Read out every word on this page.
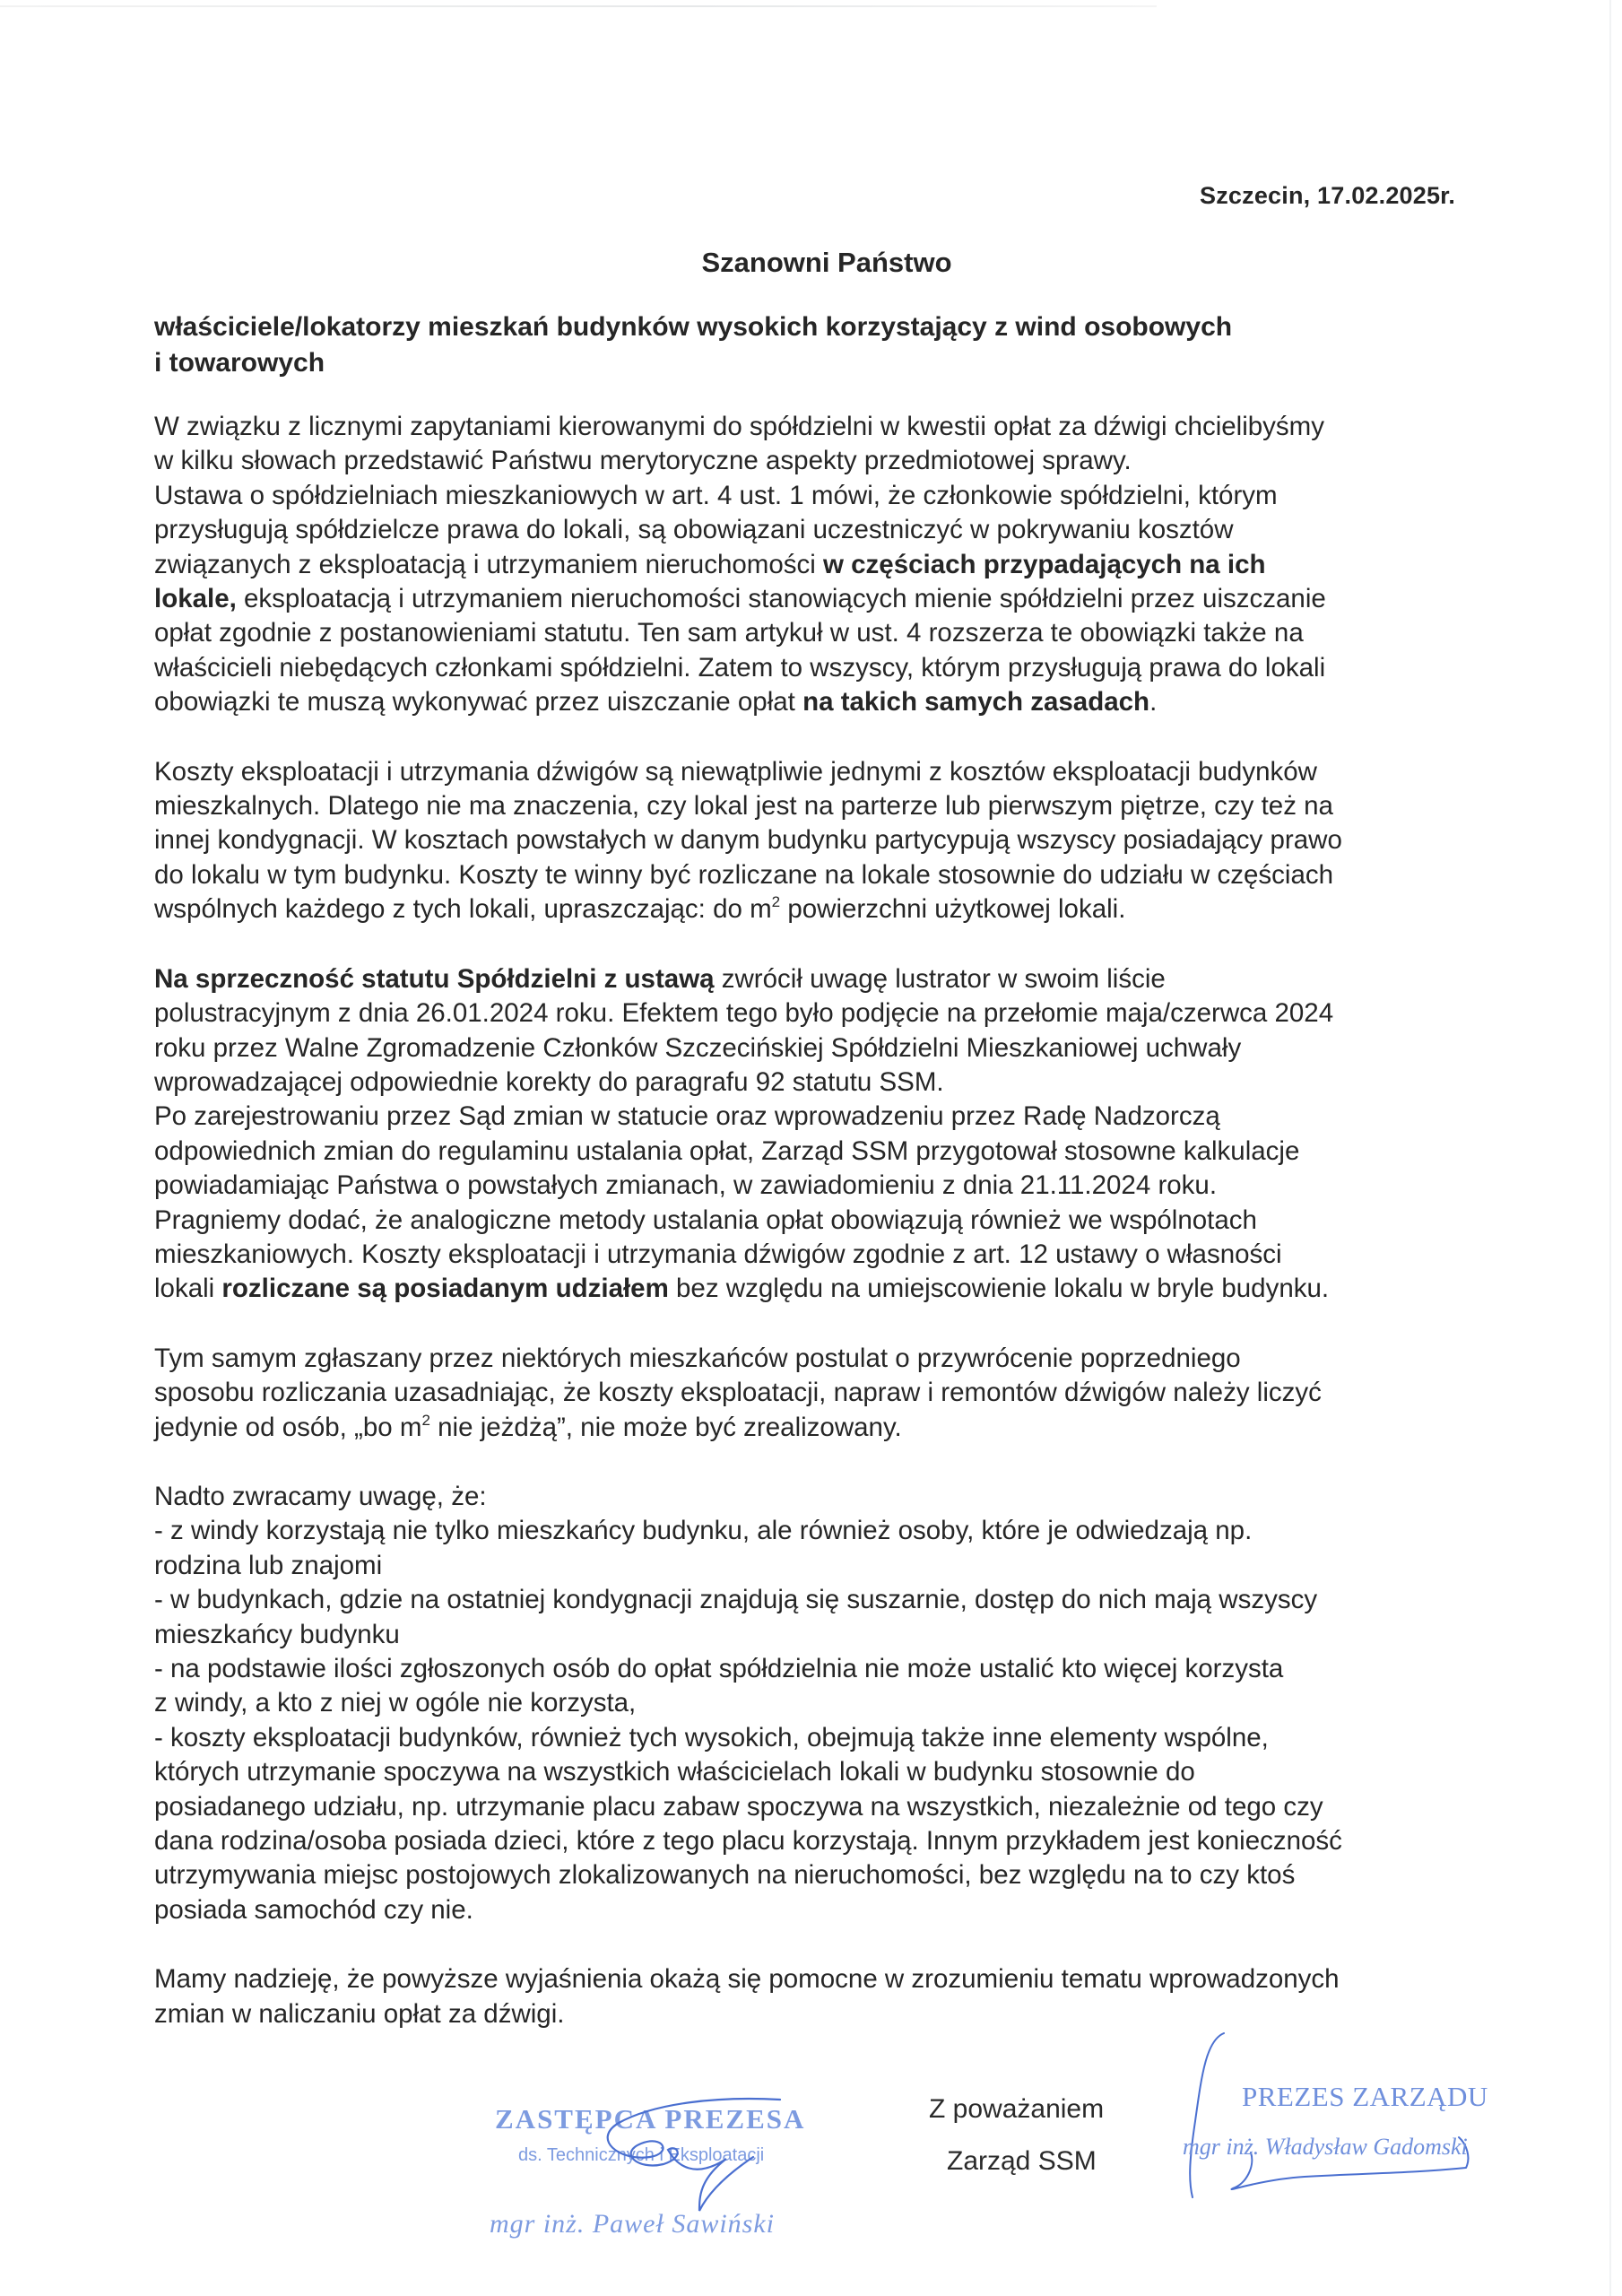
Szczecin, 17.02.2025r.
Szanowni Państwo
właściciele/lokatorzy mieszkań budynków wysokich korzystający z wind osobowych
i towarowych
W związku z licznymi zapytaniami kierowanymi do spółdzielni w kwestii opłat za dźwigi chcielibyśmy
w kilku słowach przedstawić Państwu merytoryczne aspekty przedmiotowej sprawy.
Ustawa o spółdzielniach mieszkaniowych w art. 4 ust. 1 mówi, że członkowie spółdzielni, którym
przysługują spółdzielcze prawa do lokali, są obowiązani uczestniczyć w pokrywaniu kosztów
związanych z eksploatacją i utrzymaniem nieruchomości w częściach przypadających na ich
lokale, eksploatacją i utrzymaniem nieruchomości stanowiących mienie spółdzielni przez uiszczanie
opłat zgodnie z postanowieniami statutu. Ten sam artykuł w ust. 4 rozszerza te obowiązki także na
właścicieli niebędących członkami spółdzielni. Zatem to wszyscy, którym przysługują prawa do lokali
obowiązki te muszą wykonywać przez uiszczanie opłat na takich samych zasadach.
Koszty eksploatacji i utrzymania dźwigów są niewątpliwie jednymi z kosztów eksploatacji budynków
mieszkalnych. Dlatego nie ma znaczenia, czy lokal jest na parterze lub pierwszym piętrze, czy też na
innej kondygnacji. W kosztach powstałych w danym budynku partycypują wszyscy posiadający prawo
do lokalu w tym budynku. Koszty te winny być rozliczane na lokale stosownie do udziału w częściach
wspólnych każdego z tych lokali, upraszczając: do $m^2$ powierzchni użytkowej lokali.
Na sprzeczność statutu Spółdzielni z ustawą zwrócił uwagę lustrator w swoim liście
polustracyjnym z dnia 26.01.2024 roku. Efektem tego było podjęcie na przełomie maja/czerwca 2024
roku przez Walne Zgromadzenie Członków Szczecińskiej Spółdzielni Mieszkaniowej uchwały
wprowadzającej odpowiednie korekty do paragrafu 92 statutu SSM.
Po zarejestrowaniu przez Sąd zmian w statucie oraz wprowadzeniu przez Radę Nadzorczą
odpowiednich zmian do regulaminu ustalania opłat, Zarząd SSM przygotował stosowne kalkulacje
powiadamiając Państwa o powstałych zmianach, w zawiadomieniu z dnia 21.11.2024 roku.
Pragniemy dodać, że analogiczne metody ustalania opłat obowiązują również we wspólnotach
mieszkaniowych. Koszty eksploatacji i utrzymania dźwigów zgodnie z art. 12 ustawy o własności
lokali rozliczane są posiadanym udziałem bez względu na umiejscowienie lokalu w bryle budynku.
Tym samym zgłaszany przez niektórych mieszkańców postulat o przywrócenie poprzedniego
sposobu rozliczania uzasadniając, że koszty eksploatacji, napraw i remontów dźwigów należy liczyć
jedynie od osób, „bo $m^2$ nie jeżdżą”, nie może być zrealizowany.
Nadto zwracamy uwagę, że:
- z windy korzystają nie tylko mieszkańcy budynku, ale również osoby, które je odwiedzają np.
rodzina lub znajomi
- w budynkach, gdzie na ostatniej kondygnacji znajdują się suszarnie, dostęp do nich mają wszyscy
mieszkańcy budynku
- na podstawie ilości zgłoszonych osób do opłat spółdzielnia nie może ustalić kto więcej korzysta
z windy, a kto z niej w ogóle nie korzysta,
- koszty eksploatacji budynków, również tych wysokich, obejmują także inne elementy wspólne,
których utrzymanie spoczywa na wszystkich właścicielach lokali w budynku stosownie do
posiadanego udziału, np. utrzymanie placu zabaw spoczywa na wszystkich, niezależnie od tego czy
dana rodzina/osoba posiada dzieci, które z tego placu korzystają. Innym przykładem jest konieczność
utrzymywania miejsc postojowych zlokalizowanych na nieruchomości, bez względu na to czy ktoś
posiada samochód czy nie.
Mamy nadzieję, że powyższe wyjaśnienia okażą się pomocne w zrozumieniu tematu wprowadzonych
zmian w naliczaniu opłat za dźwigi.
ZASTĘPCA PREZESA
ds. Technicznych i Eksploatacji
mgr inż. Paweł Sawiński
Z poważaniem
Zarząd SSM
PREZES ZARZĄDU
mgr inż. Władysław Gadomski
